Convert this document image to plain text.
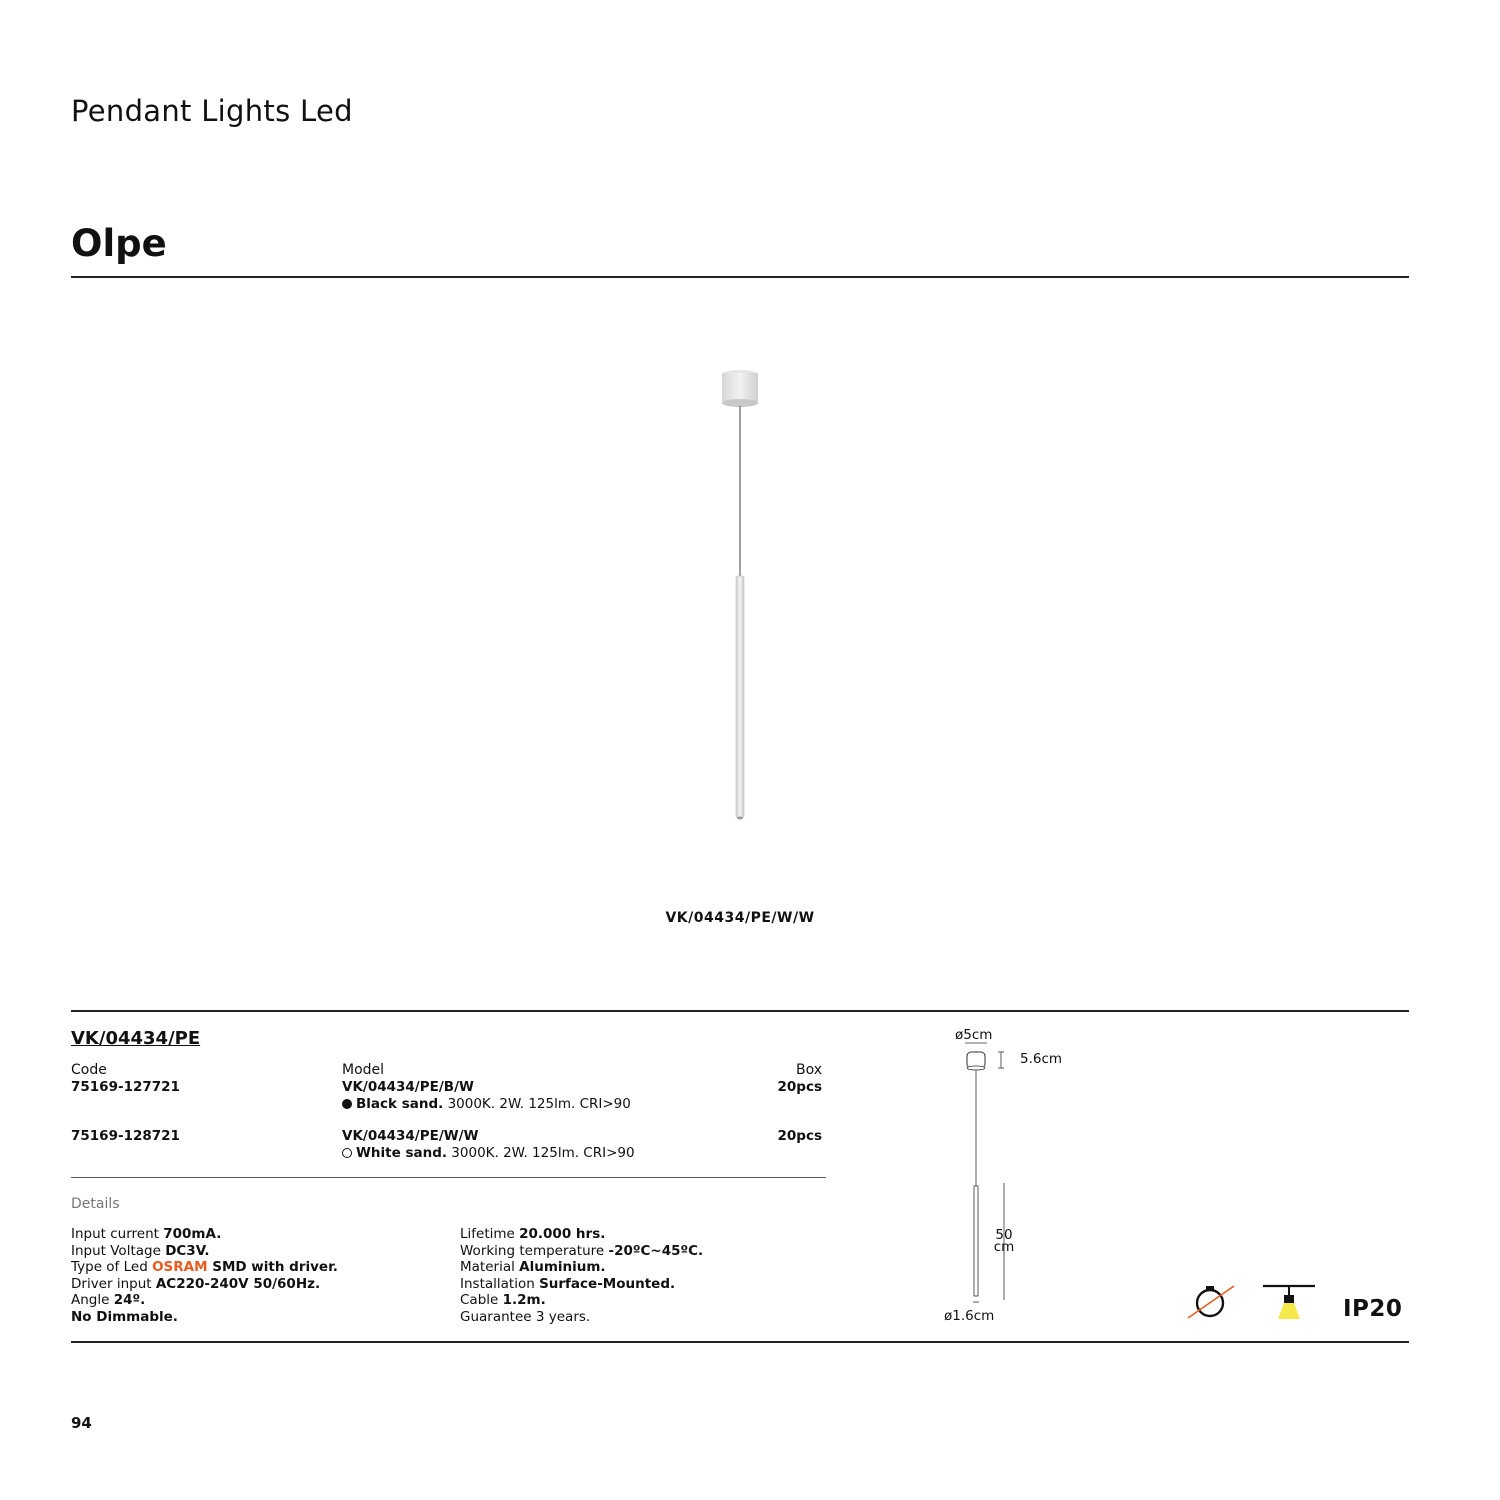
Pendant Lights Led
Olpe
VK/04434/PE/W/W
VK/04434/PE
Code	Model	Box
75169-127721	VK/04434/PE/B/W	20pcs
Black sand. 3000K. 2W. 125lm. CRI>90
75169-128721	VK/04434/PE/W/W	20pcs
White sand. 3000K. 2W. 125lm. CRI>90
Details
Input current 700mA.
Input Voltage DC3V.
Type of Led OSRAM SMD with driver.
Driver input AC220-240V 50/60Hz.
Angle 24º.
No Dimmable.
Lifetime 20.000 hrs.
Working temperature -20ºC~45ºC.
Material Aluminium.
Installation Surface-Mounted.
Cable 1.2m.
Guarantee 3 years.
ø5cm
5.6cm
50
cm
ø1.6cm	IP20
94
